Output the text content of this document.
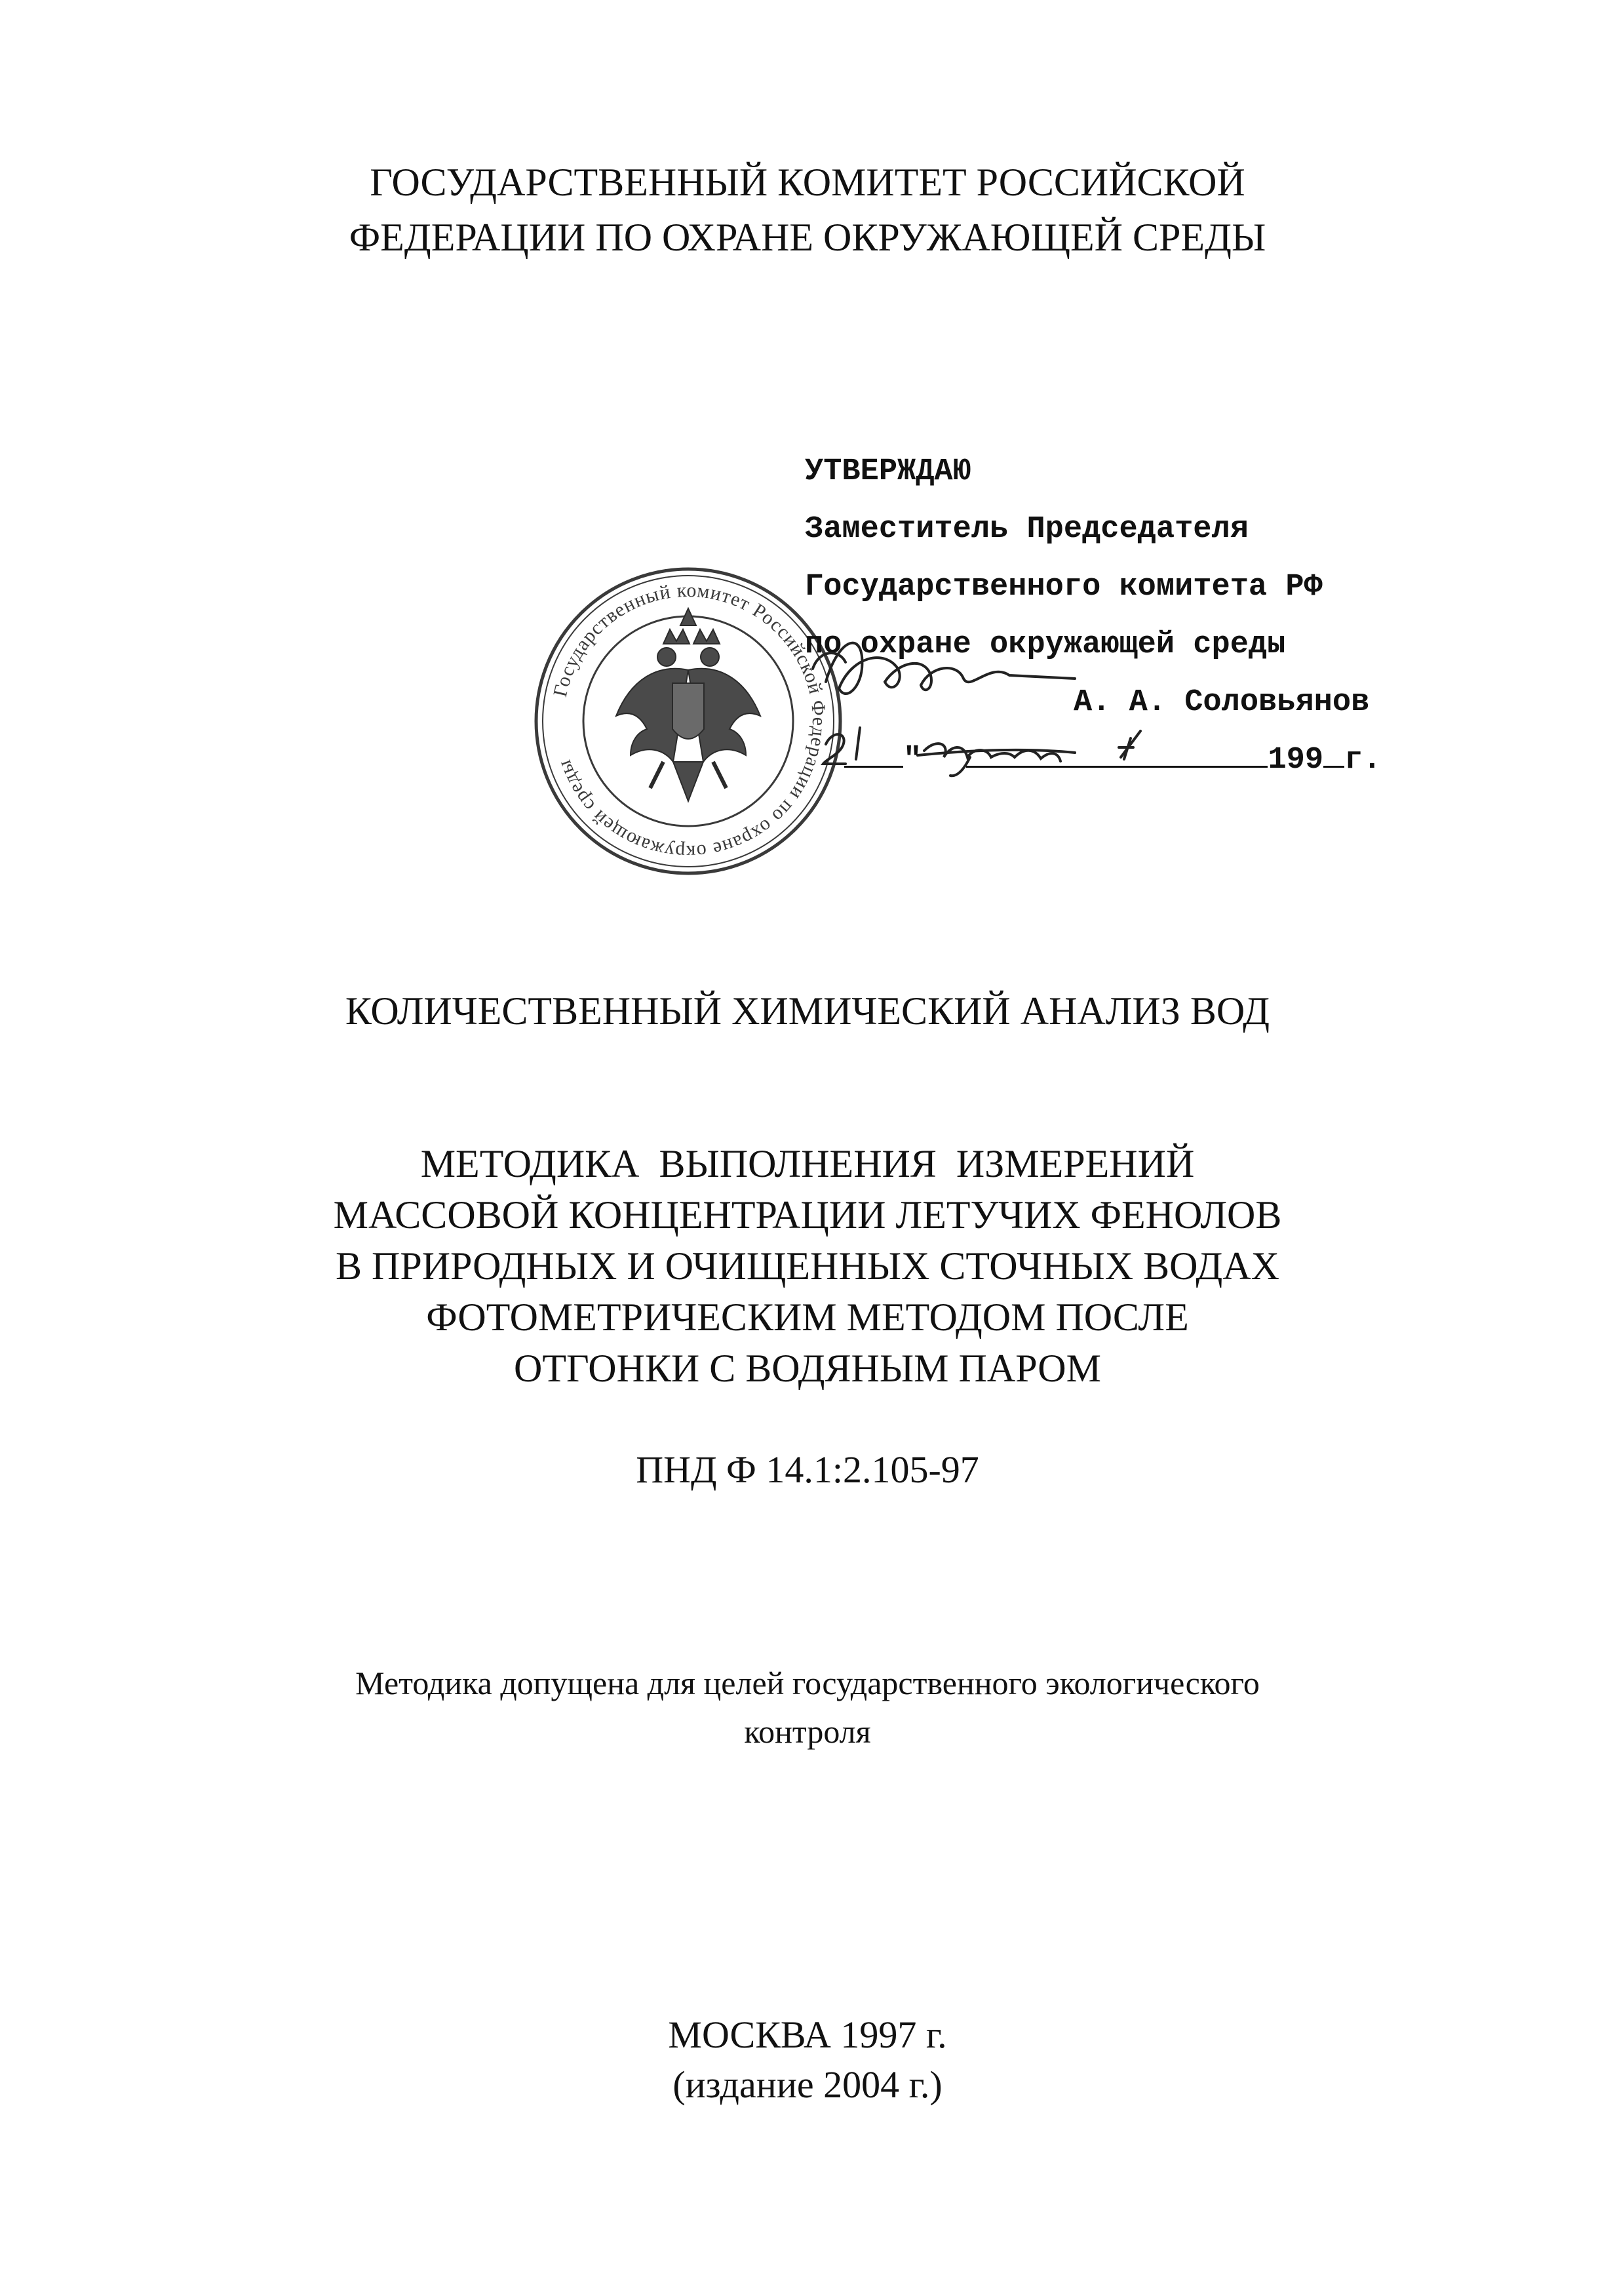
ГОСУДАРСТВЕННЫЙ КОМИТЕТ РОССИЙСКОЙ
ФЕДЕРАЦИИ ПО ОХРАНЕ ОКРУЖАЮЩЕЙ СРЕДЫ
Государственный комитет Российской Федерации по охране окружающей среды
УТВЕРЖДАЮ
Заместитель Председателя
Государственного комитета РФ
по охране окружающей среды
А. А. Соловьянов
"	199 г.
КОЛИЧЕСТВЕННЫЙ ХИМИЧЕСКИЙ АНАЛИЗ ВОД
МЕТОДИКА  ВЫПОЛНЕНИЯ  ИЗМЕРЕНИЙ
МАССОВОЙ КОНЦЕНТРАЦИИ ЛЕТУЧИХ ФЕНОЛОВ
В ПРИРОДНЫХ И ОЧИЩЕННЫХ СТОЧНЫХ ВОДАХ
ФОТОМЕТРИЧЕСКИМ МЕТОДОМ ПОСЛЕ
ОТГОНКИ С ВОДЯНЫМ ПАРОМ
ПНД Ф 14.1:2.105-97
Методика допущена для целей государственного экологического
контроля
МОСКВА 1997 г.
(издание 2004 г.)
